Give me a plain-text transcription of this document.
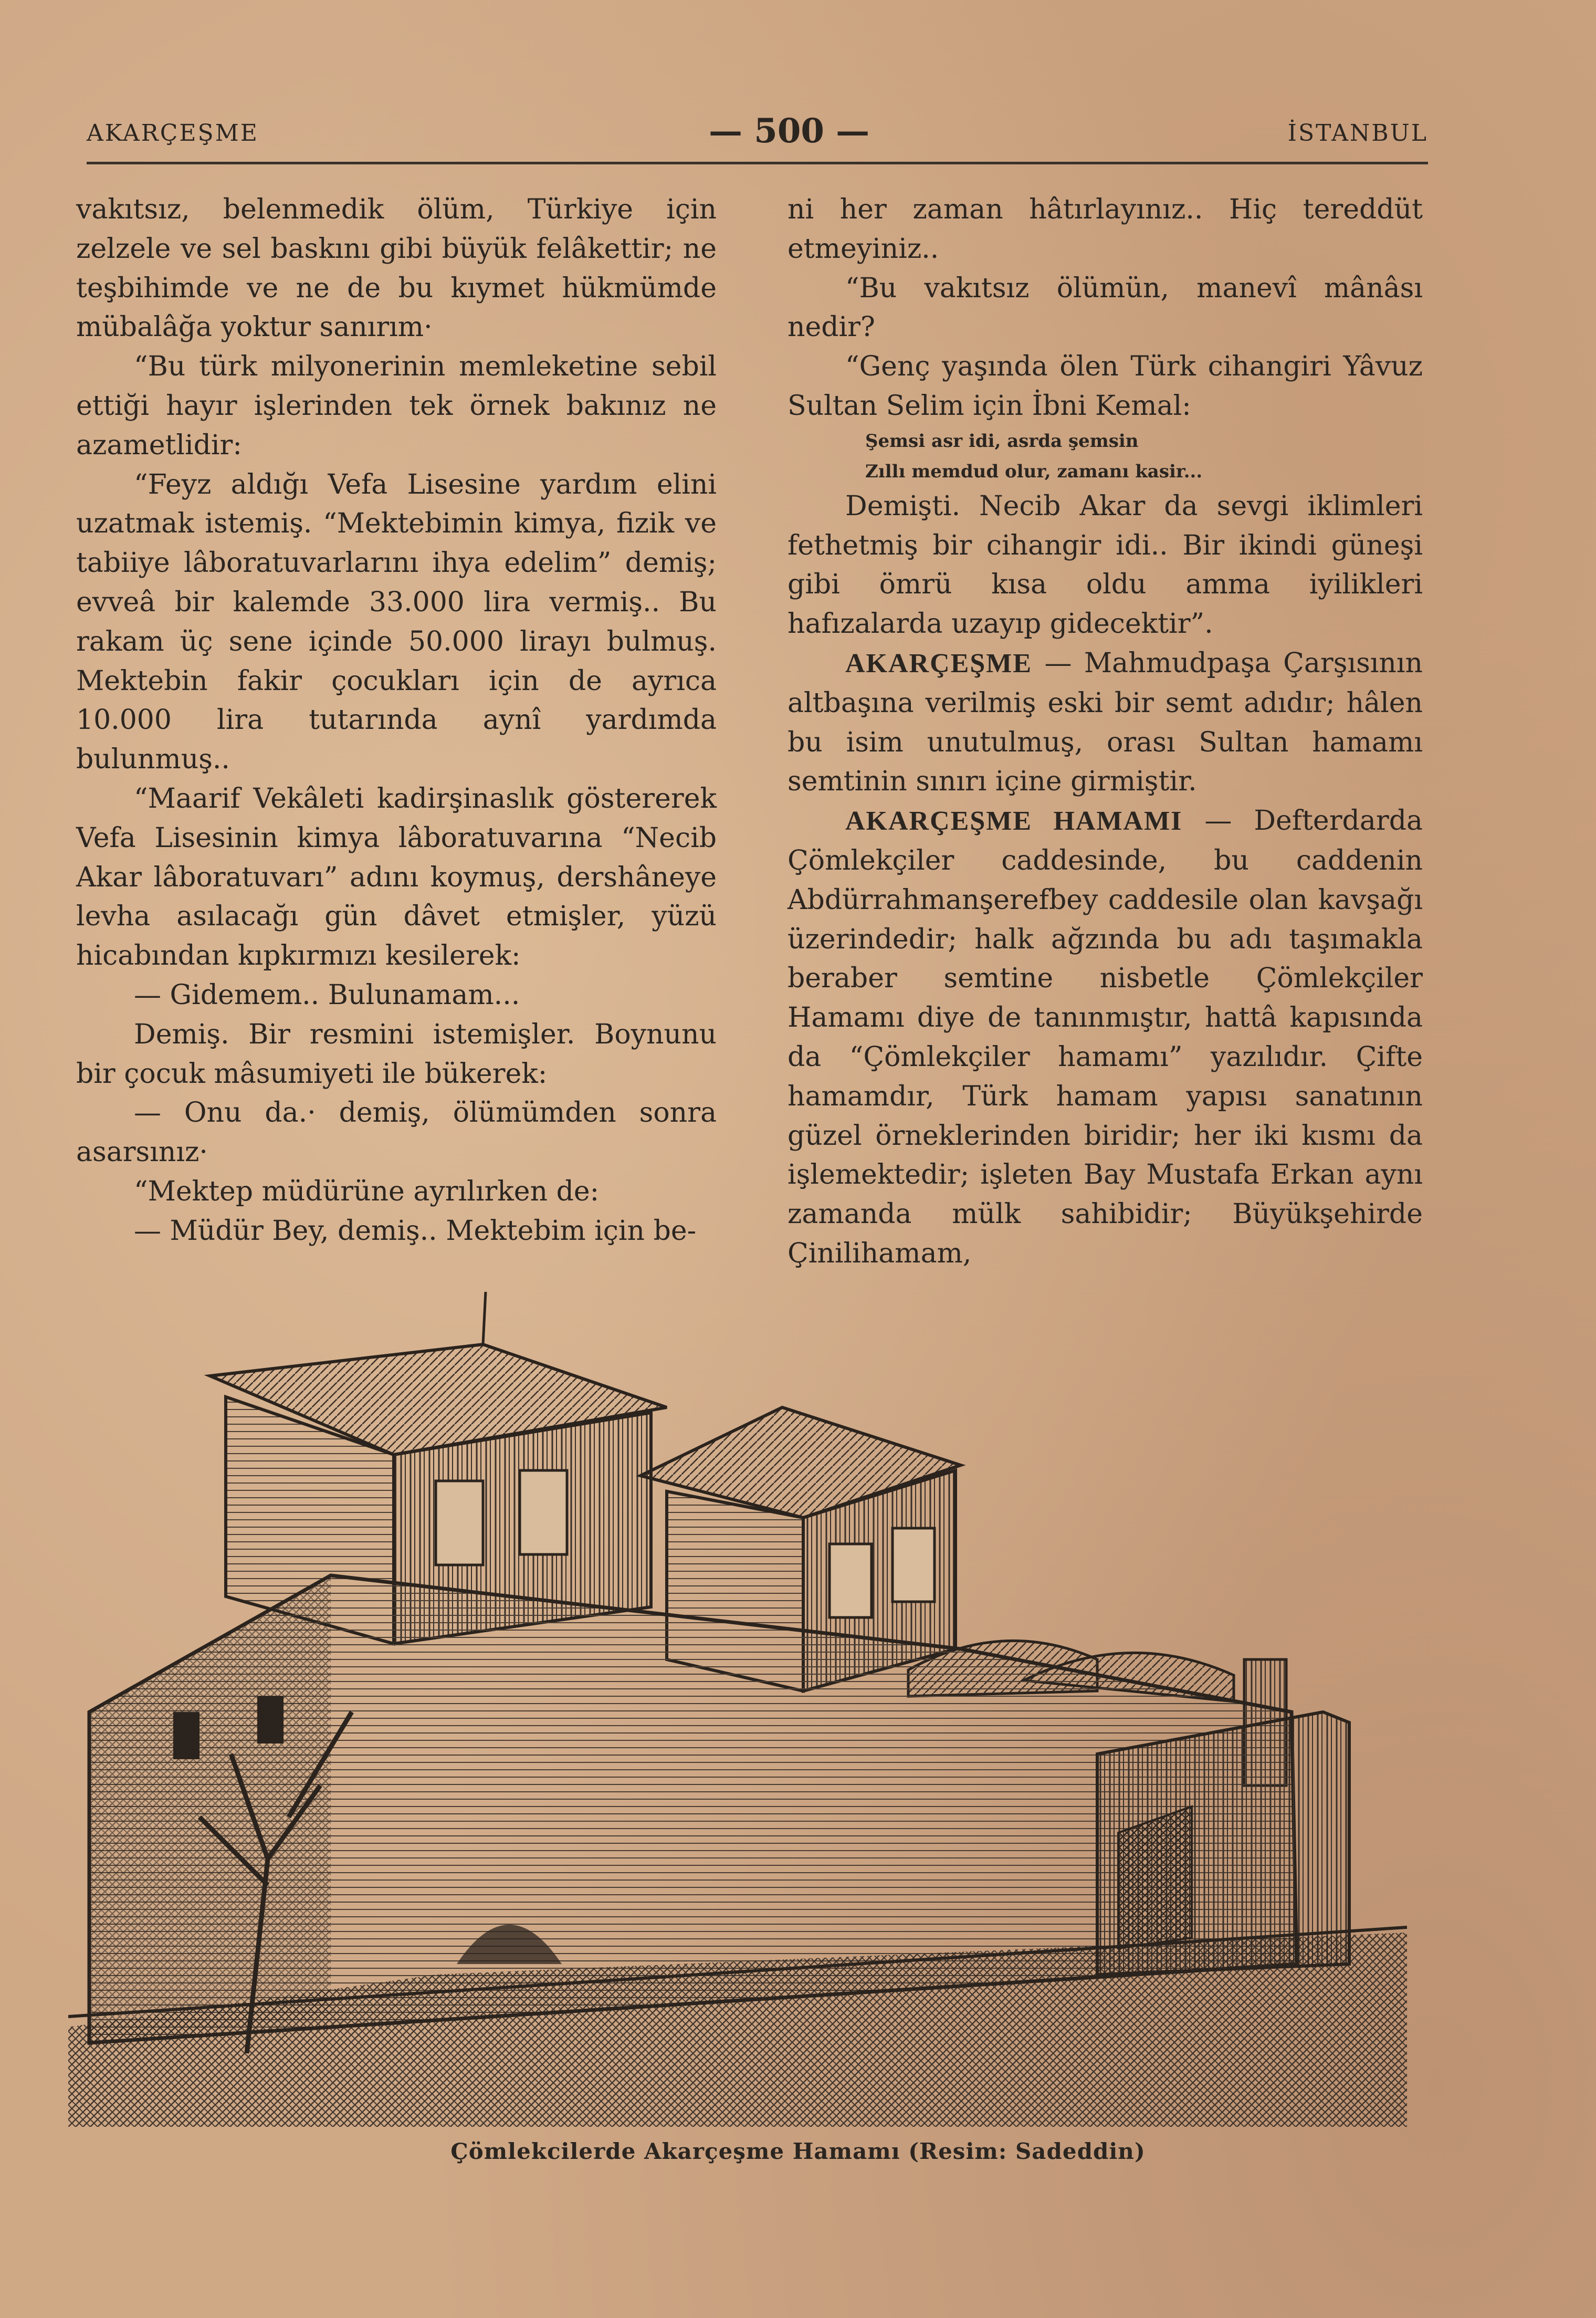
AKARÇEŞME	— 500 —	İSTANBUL

vakıtsız, belenmedik ölüm, Türkiye için zelzele ve sel baskını gibi büyük felâkettir; ne teşbihimde ve ne de bu kıymet hükmümde mübalâğa yoktur sanırım·

“Bu türk milyonerinin memleketine sebil ettiği hayır işlerinden tek örnek bakınız ne azametlidir:

“Feyz aldığı Vefa Lisesine yardım elini uzatmak istemiş. “Mektebimin kimya, fizik ve tabiiye lâboratuvarlarını ihya edelim” demiş; evveâ bir kalemde 33.000 lira vermiş.. Bu rakam üç sene içinde 50.000 lirayı bulmuş. Mektebin fakir çocukları için de ayrıca 10.000 lira tutarında aynî yardımda bulunmuş..

“Maarif Vekâleti kadirşinaslık göstererek Vefa Lisesinin kimya lâboratuvarına “Necib Akar lâboratuvarı” adını koymuş, dershâneye levha asılacağı gün dâvet etmişler, yüzü hicabından kıpkırmızı kesilerek:

— Gidemem.. Bulunamam...

Demiş. Bir resmini istemişler. Boynunu bir çocuk mâsumiyeti ile bükerek:

— Onu da.· demiş, ölümümden sonra asarsınız·

“Mektep müdürüne ayrılırken de:

— Müdür Bey, demiş.. Mektebim için be-

ni her zaman hâtırlayınız.. Hiç tereddüt etmeyiniz..

“Bu vakıtsız ölümün, manevî mânâsı nedir?

“Genç yaşında ölen Türk cihangiri Yâvuz Sultan Selim için İbni Kemal:

Şemsi asr idi, asrda şemsin

Zıllı memdud olur, zamanı kasir...

Demişti. Necib Akar da sevgi iklimleri fethetmiş bir cihangir idi.. Bir ikindi güneşi gibi ömrü kısa oldu amma iyilikleri hafızalarda uzayıp gidecektir”.

AKARÇEŞME — Mahmudpaşa Çarşısının altbaşına verilmiş eski bir semt adıdır; hâlen bu isim unutulmuş, orası Sultan hamamı semtinin sınırı içine girmiştir.

AKARÇEŞME HAMAMI — Defterdarda Çömlekçiler caddesinde, bu caddenin Abdürrahmanşerefbey caddesile olan kavşağı üzerindedir; halk ağzında bu adı taşımakla beraber semtine nisbetle Çömlekçiler Hamamı diye de tanınmıştır, hattâ kapısında da “Çömlekçiler hamamı” yazılıdır. Çifte hamamdır, Türk hamam yapısı sanatının güzel örneklerinden biridir; her iki kısmı da işlemektedir; işleten Bay Mustafa Erkan aynı zamanda mülk sahibidir; Büyükşehirde Çinilihamam,

Çömlekcilerde Akarçeşme Hamamı (Resim: Sadeddin)
